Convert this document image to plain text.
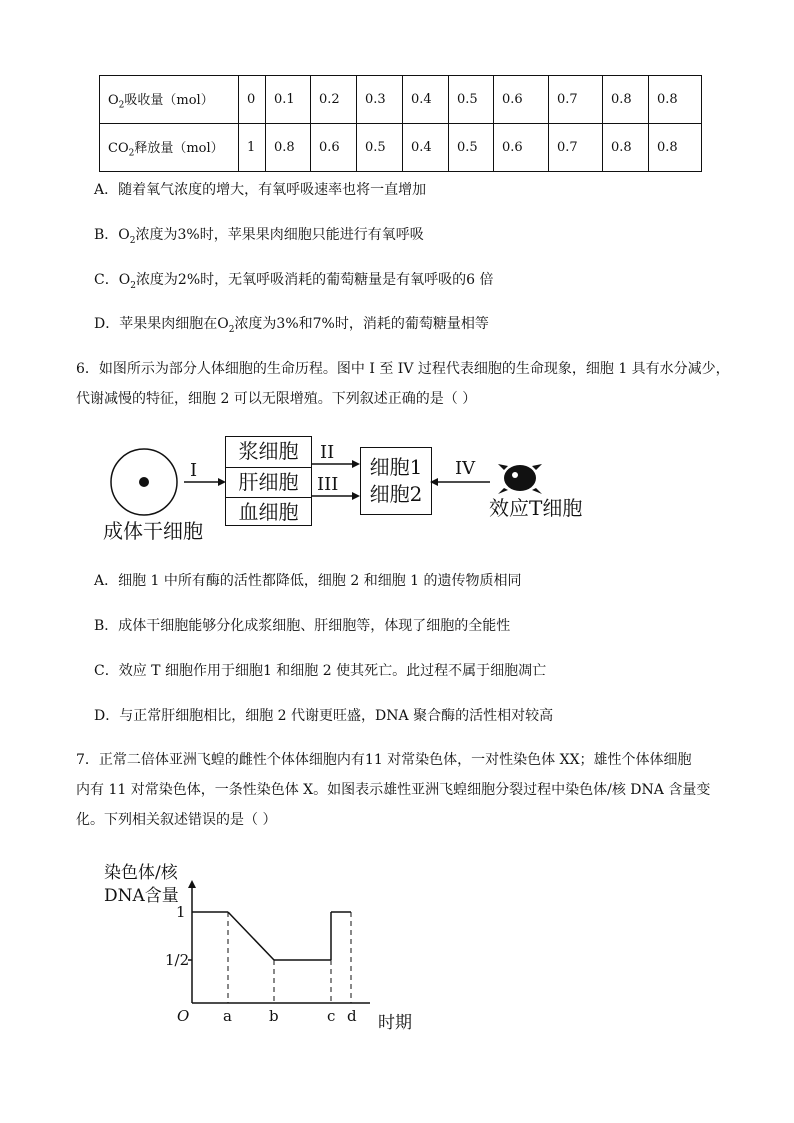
$O_2$吸收量（mol）	0	0.1	0.2	0.3	0.4	0.5	0.6	0.7	0.8	0.8
$CO_2$释放量（mol）	1	0.8	0.6	0.5	0.4	0.5	0.6	0.7	0.8	0.8
A．随着氧气浓度的增大，有氧呼吸速率也将一直增加
B．$O_2$浓度为3%时，苹果果肉细胞只能进行有氧呼吸
C．$O_2$浓度为2%时，无氧呼吸消耗的葡萄糖量是有氧呼吸的6 倍
D．苹果果肉细胞在$O_2$浓度为3%和7%时，消耗的葡萄糖量相等
6．如图所示为部分人体细胞的生命历程。图中 I 至 IV 过程代表细胞的生命现象，细胞 1 具有水分减少，
代谢减慢的特征，细胞 2 可以无限增殖。下列叙述正确的是（ ）
成体干细胞
I
浆细胞
肝细胞
血细胞
II
III
细胞1
细胞2
IV
效应T细胞
A．细胞 1 中所有酶的活性都降低，细胞 2 和细胞 1 的遗传物质相同
B．成体干细胞能够分化成浆细胞、肝细胞等，体现了细胞的全能性
C．效应 T 细胞作用于细胞1 和细胞 2 使其死亡。此过程不属于细胞凋亡
D．与正常肝细胞相比，细胞 2 代谢更旺盛，DNA 聚合酶的活性相对较高
7．正常二倍体亚洲飞蝗的雌性个体体细胞内有11 对常染色体，一对性染色体 XX；雄性个体体细胞
内有 11 对常染色体，一条性染色体 X。如图表示雄性亚洲飞蝗细胞分裂过程中染色体/核 DNA 含量变
化。下列相关叙述错误的是（ ）
染色体/核
DNA含量
1
1/2
O a b	c d 时期
